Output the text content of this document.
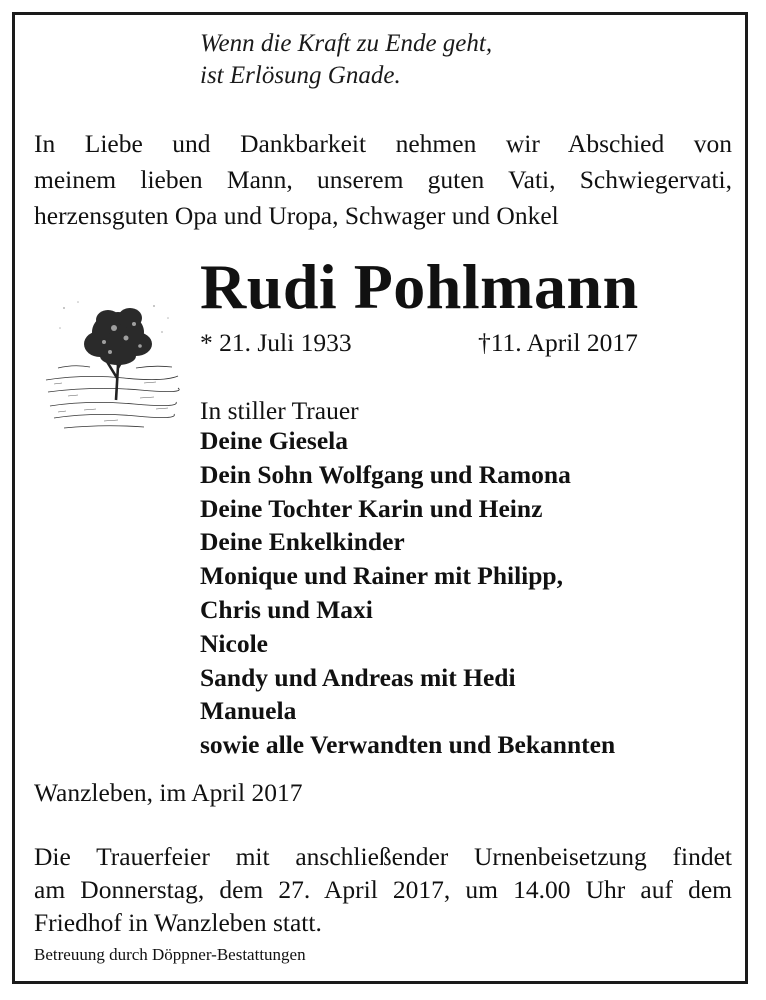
Wenn die Kraft zu Ende geht,
ist Erlösung Gnade.
In Liebe und Dankbarkeit nehmen wir Abschied von
meinem lieben Mann, unserem guten Vati, Schwiegervati,
herzensguten Opa und Uropa, Schwager und Onkel
Rudi Pohlmann
* 21. Juli 1933	†11. April 2017
In stiller Trauer
Deine Giesela
Dein Sohn Wolfgang und Ramona
Deine Tochter Karin und Heinz
Deine Enkelkinder
Monique und Rainer mit Philipp,
Chris und Maxi
Nicole
Sandy und Andreas mit Hedi
Manuela
sowie alle Verwandten und Bekannten
Wanzleben, im April 2017
Die Trauerfeier mit anschließender Urnenbeisetzung findet
am Donnerstag, dem 27. April 2017, um 14.00 Uhr auf dem
Friedhof in Wanzleben statt.
Betreuung durch Döppner-Bestattungen
